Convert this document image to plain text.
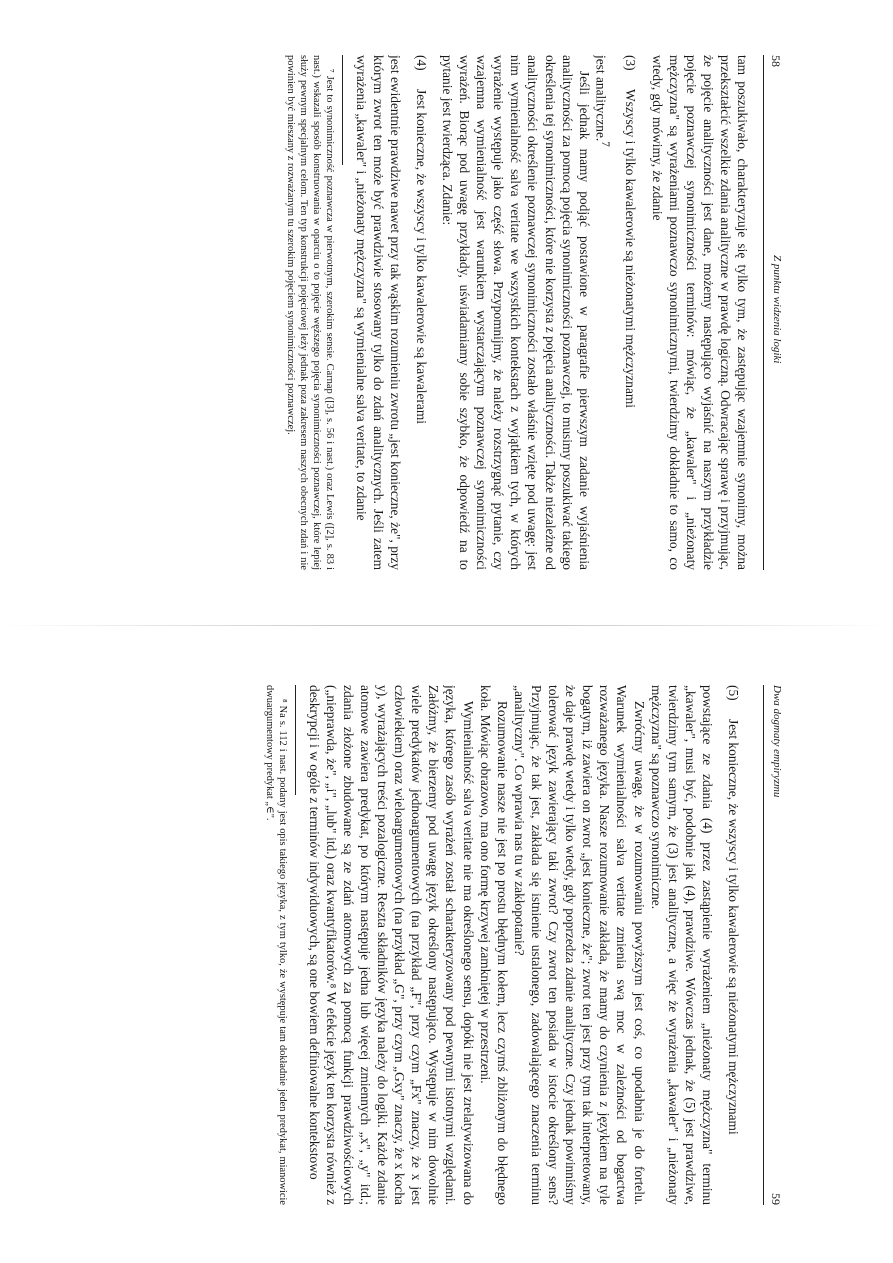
58
Z punktu widzenia logiki

tam poszukiwało, charakteryzuje się tylko tym, że zastępując wzajemnie synonimy, można przekształcić wszelkie zdania analityczne w prawdę logiczną. Odwracając sprawę i przyjmując, że pojęcie analityczności jest dane, możemy następująco wyjaśnić na naszym przykładzie pojęcie poznawczej synonimiczności terminów: mówiąc, że „kawaler" i „nieżonaty mężczyzna" są wyrażeniami poznawczo synonimicznymi, twierdzimy dokładnie to samo, co wtedy, gdy mówimy, że zdanie

(3)
Wszyscy i tylko kawalerowie są nieżonatymi mężczyznami

jest analityczne.$^7$

Jeśli jednak mamy podjąć postawione w paragrafie pierwszym zadanie wyjaśnienia analityczności za pomocą pojęcia synonimiczności poznawczej, to musimy poszukiwać takiego określenia tej synonimiczności, które nie korzysta z pojęcia analityczności. Także niezależne od analityczności określenie poznawczej synonimiczności zostało właśnie wzięte pod uwagę: jest nim wymienialność salva veritate we wszystkich kontekstach z wyjątkiem tych, w których wyrażenie występuje jako część słowa. Przypomnijmy, że należy rozstrzygnąć pytanie, czy wzajemna wymienialność jest warunkiem wystarczającym poznawczej synonimiczności wyrażeń. Biorąc pod uwagę przykłady, uświadamiamy sobie szybko, że odpowiedź na to pytanie jest twierdząca. Zdanie:

(4)
Jest konieczne, że wszyscy i tylko kawalerowie są kawalerami

jest ewidentnie prawdziwe nawet przy tak wąskim rozumieniu zwrotu „jest konieczne, że", przy którym zwrot ten może być prawdziwie stosowany tylko do zdań analitycznych. Jeśli zatem wyrażenia „kawaler" i „nieżonaty mężczyzna" są wymienialne salva veritate, to zdanie

⁷ Jest to synonimiczność poznawcza w pierwotnym, szerokim sensie. Carnap ([3], s. 56 i nast.) oraz Lewis ([2], s. 83 i nast.) wskazali sposób konstruowania w oparciu o to pojęcie węższego pojęcia synonimiczności poznawczej, które lepiej służy pewnym specjalnym celom. Ten typ konstrukcji pojęciowej leży jednak poza zakresem naszych obecnych zdań i nie powinien być mieszany z rozważanym tu szerokim pojęciem synonimiczności poznawczej.

Dwa dogmaty empiryzmu
59
(5)
Jest konieczne, że wszyscy i tylko kawalerowie są nieżonatymi mężczyznami

powstające ze zdania (4) przez zastąpienie wyrażeniem „nieżonaty mężczyzna" terminu „kawaler", musi być, podobnie jak (4), prawdziwe. Wówczas jednak, że (5) jest prawdziwe, twierdzimy tym samym, że (3) jest analityczne, a więc że wyrażenia „kawaler" i „nieżonaty mężczyzna" są poznawczo synonimiczne.

Zwróćmy uwagę, że w rozumowaniu powyższym jest coś, co upodabnia je do fortelu. Warunek wymienialności salva veritate zmienia swą moc w zależności od bogactwa rozważanego języka. Nasze rozumowanie zakłada, że mamy do czynienia z językiem na tyle bogatym, iż zawiera on zwrot „jest konieczne, że"; zwrot ten jest przy tym tak interpretowany, że daje prawdę wtedy i tylko wtedy, gdy poprzedza zdanie analityczne. Czy jednak powinniśmy tolerować język zawierający taki zwrot? Czy zwrot ten posiada w istocie określony sens? Przyjmując, że tak jest, zakłada się istnienie ustalonego, zadowalającego znaczenia terminu „analityczny". Co wprawia nas tu w zakłopotanie?

Rozumowanie nasze nie jest po prostu błędnym kołem, lecz czymś zbliżonym do błędnego koła. Mówiąc obrazowo, ma ono formę krzywej zamkniętej w przestrzeni.

Wymienialność salva veritate nie ma określonego sensu, dopóki nie jest zrelatywizowana do języka, którego zasób wyrażeń został scharakteryzowany pod pewnymi istotnymi względami. Załóżmy, że bierzemy pod uwagę język określony następująco. Występuje w nim dowolnie wiele predykatów jednoargumentowych (na przykład „F", przy czym „Fx" znaczy, że x jest człowiekiem) oraz wieloargumentowych (na przykład „G", przy czym „Gxy" znaczy, że x kocha y), wyrażających treści pozalogiczne. Reszta składników języka należy do logiki. Każde zdanie atomowe zawiera predykat, po którym następuje jedna lub więcej zmiennych „x", „y" itd.; zdania złożone zbudowane są ze zdań atomowych za pomocą funkcji prawdziwościowych („nieprawda, że", „i", „lub" itd.) oraz kwantyfikatorów.⁸ W efekcie język ten korzysta również z deskrypcji i w ogóle z terminów indywiduowych, są one bowiem definiowalne kontekstowo

⁸ Na s. 112 i nast. podany jest opis takiego języka, z tym tylko, że występuje tam dokładnie jeden predykat, mianowicie dwuargumentowy predykat „∈".
